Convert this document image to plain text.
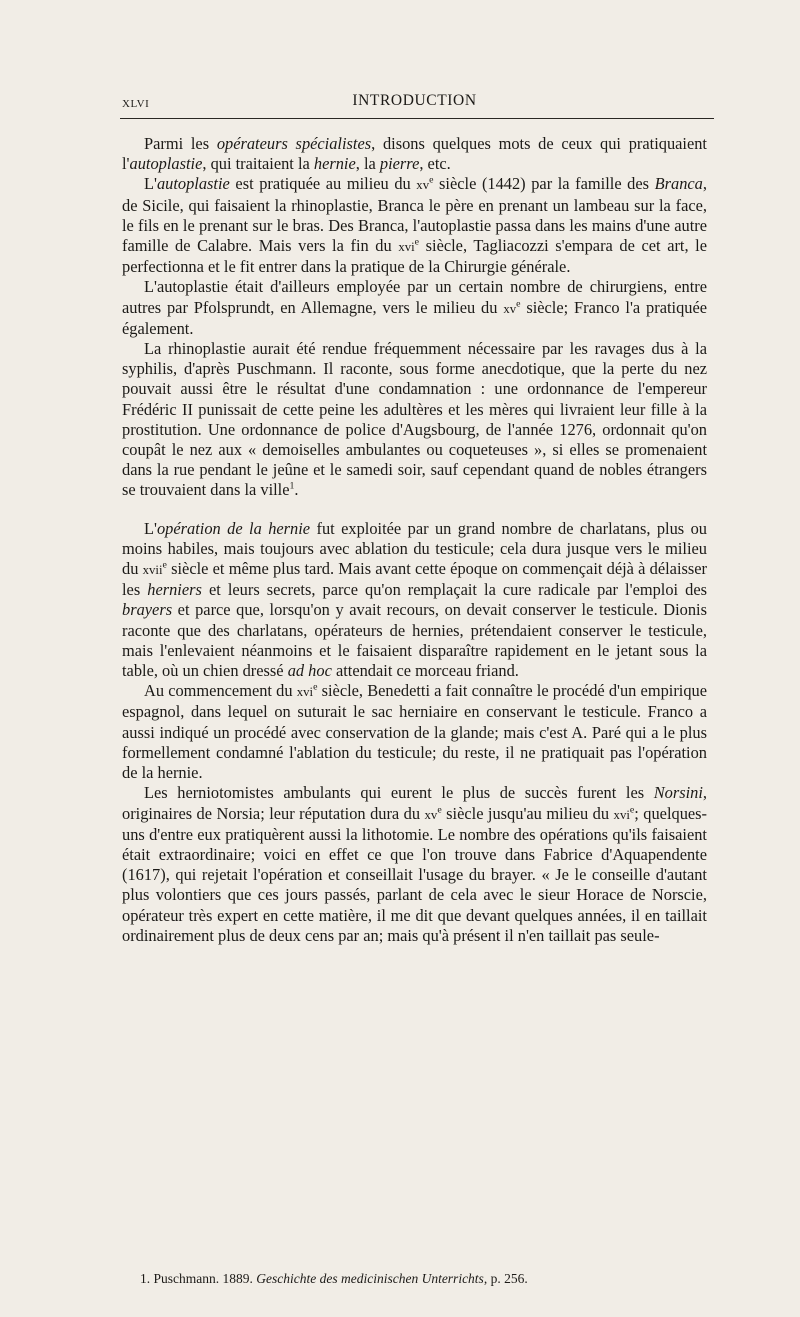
XLVI	INTRODUCTION

Parmi les opérateurs spécialistes, disons quelques mots de ceux qui pratiquaient l'autoplastie, qui traitaient la hernie, la pierre, etc.

L'autoplastie est pratiquée au milieu du $xv^e$ siècle (1442) par la famille des Branca, de Sicile, qui faisaient la rhinoplastie, Branca le père en prenant un lambeau sur la face, le fils en le prenant sur le bras. Des Branca, l'autoplastie passa dans les mains d'une autre famille de Calabre. Mais vers la fin du xvi$^e$ siècle, Tagliacozzi s'empara de cet art, le perfectionna et le fit entrer dans la pratique de la Chirurgie générale.

L'autoplastie était d'ailleurs employée par un certain nombre de chirurgiens, entre autres par Pfolsprundt, en Allemagne, vers le milieu du $xv^e$ siècle; Franco l'a pratiquée également.

La rhinoplastie aurait été rendue fréquemment nécessaire par les ravages dus à la syphilis, d'après Puschmann. Il raconte, sous forme anecdotique, que la perte du nez pouvait aussi être le résultat d'une condamnation : une ordonnance de l'empereur Frédéric II punissait de cette peine les adultères et les mères qui livraient leur fille à la prostitution. Une ordonnance de police d'Augsbourg, de l'année 1276, ordonnait qu'on coupât le nez aux « demoiselles ambulantes ou coqueteuses », si elles se promenaient dans la rue pendant le jeûne et le samedi soir, sauf cependant quand de nobles étrangers se trouvaient dans la ville$^1$.

L'opération de la hernie fut exploitée par un grand nombre de charlatans, plus ou moins habiles, mais toujours avec ablation du testicule; cela dura jusque vers le milieu du xvii$^e$ siècle et même plus tard. Mais avant cette époque on commençait déjà à délaisser les herniers et leurs secrets, parce qu'on remplaçait la cure radicale par l'emploi des brayers et parce que, lorsqu'on y avait recours, on devait conserver le testicule. Dionis raconte que des charlatans, opérateurs de hernies, prétendaient conserver le testicule, mais l'enlevaient néanmoins et le faisaient disparaître rapidement en le jetant sous la table, où un chien dressé ad hoc attendait ce morceau friand.

Au commencement du xvi$^e$ siècle, Benedetti a fait connaître le procédé d'un empirique espagnol, dans lequel on suturait le sac herniaire en conservant le testicule. Franco a aussi indiqué un procédé avec conservation de la glande; mais c'est A. Paré qui a le plus formellement condamné l'ablation du testicule; du reste, il ne pratiquait pas l'opération de la hernie.

Les herniotomistes ambulants qui eurent le plus de succès furent les Norsini, originaires de Norsia; leur réputation dura du $xv^e$ siècle jusqu'au milieu du xvi$^e$; quelques-uns d'entre eux pratiquèrent aussi la lithotomie. Le nombre des opérations qu'ils faisaient était extraordinaire; voici en effet ce que l'on trouve dans Fabrice d'Aquapendente (1617), qui rejetait l'opération et conseillait l'usage du brayer. « Je le conseille d'autant plus volontiers que ces jours passés, parlant de cela avec le sieur Horace de Norscie, opérateur très expert en cette matière, il me dit que devant quelques années, il en taillait ordinairement plus de deux cens par an; mais qu'à présent il n'en taillait pas seule-

1. Puschmann. 1889. Geschichte des medicinischen Unterrichts, p. 256.
